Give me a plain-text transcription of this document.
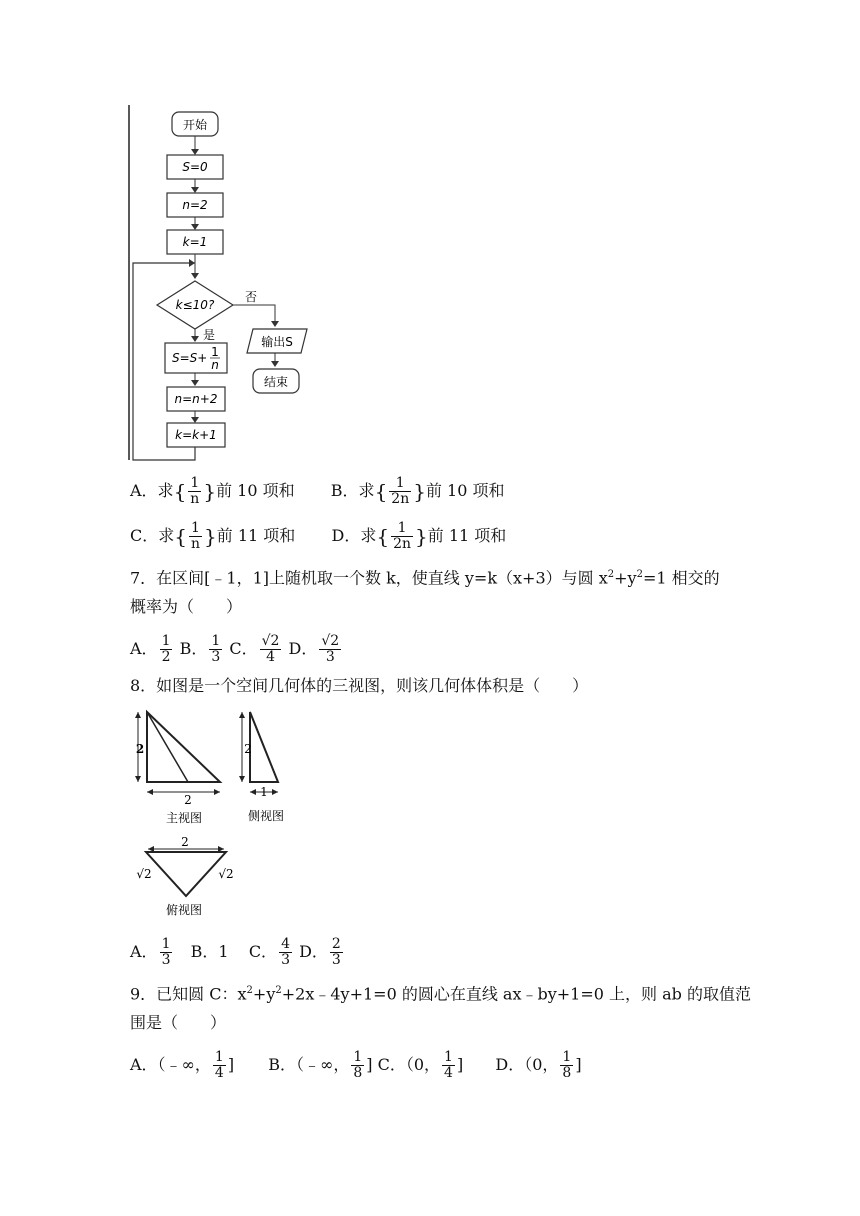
开始
S=0
n=2
k=1
k≤10?
否
输出S
结束
是
S=S+ 1
n
n=n+2
k=k+1
A．求{ $\frac{1}{n}$ }前 10 项和 B．求{ $\frac{1}{2n}$ }前 10 项和
C．求{ $\frac{1}{n}$ }前 11 项和 D．求{ $\frac{1}{2n}$ }前 11 项和
7．在区间[﹣1，1]上随机取一个数 k，使直线 y=k（x+3）与圆 $x^2+y^2=1$ 相交的
概率为（　　）
A． $\frac{1}{2}$ B． $\frac{1}{3}$ C． $\frac{√2}{4}$ D． $\frac{√2}{3}$
8．如图是一个空间几何体的三视图，则该几何体体积是（　　）
2
2
主视图
2
1
侧视图
2
√2	√2
俯视图
A． $\frac{1}{3}$ B．1 C． $\frac{4}{3}$ D． $\frac{2}{3}$
9．已知圆 C：$x^2+y^2+2x﹣4y+1=0$ 的圆心在直线 ax﹣by+1=0 上，则 ab 的取值范
围是（　　）
A．（﹣∞， $\frac{1}{4}$ ] B．（﹣∞， $\frac{1}{8}$ ] C．（0， $\frac{1}{4}$ ] D．（0， $\frac{1}{8}$ ]
